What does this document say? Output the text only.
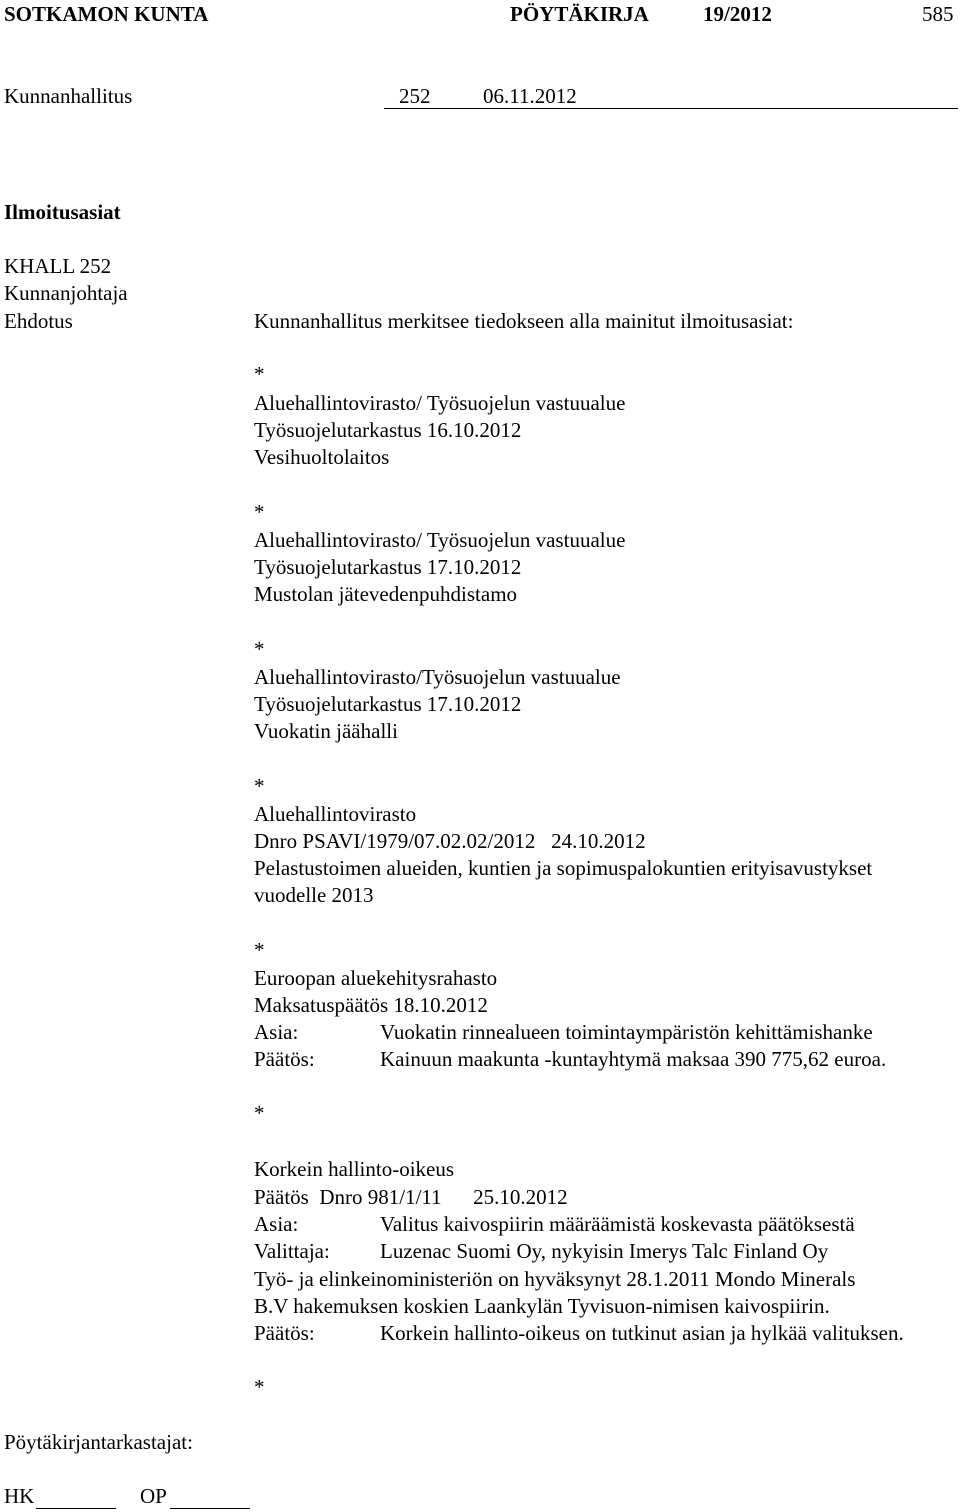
SOTKAMON KUNTA	PÖYTÄKIRJA	19/2012	585
Kunnanhallitus	252	06.11.2012
Ilmoitusasiat
KHALL 252
Kunnanjohtaja
Ehdotus	Kunnanhallitus merkitsee tiedokseen alla mainitut ilmoitusasiat:
*
Aluehallintovirasto/ Työsuojelun vastuualue
Työsuojelutarkastus 16.10.2012
Vesihuoltolaitos
*
Aluehallintovirasto/ Työsuojelun vastuualue
Työsuojelutarkastus 17.10.2012
Mustolan jätevedenpuhdistamo
*
Aluehallintovirasto/Työsuojelun vastuualue
Työsuojelutarkastus 17.10.2012
Vuokatin jäähalli
*
Aluehallintovirasto
Dnro PSAVI/1979/07.02.02/2012   24.10.2012
Pelastustoimen alueiden, kuntien ja sopimuspalokuntien erityisavustykset
vuodelle 2013
*
Euroopan aluekehitysrahasto
Maksatuspäätös 18.10.2012
Asia:	Vuokatin rinnealueen toimintaympäristön kehittämishanke
Päätös:	Kainuun maakunta -kuntayhtymä maksaa 390 775,62 euroa.
*
Korkein hallinto-oikeus
Päätös  Dnro 981/1/11      25.10.2012
Asia:	Valitus kaivospiirin määräämistä koskevasta päätöksestä
Valittaja: Luzenac Suomi Oy, nykyisin Imerys Talc Finland Oy
Työ- ja elinkeinoministeriön on hyväksynyt 28.1.2011 Mondo Minerals
B.V hakemuksen koskien Laankylän Tyvisuon-nimisen kaivospiirin.
Päätös:	Korkein hallinto-oikeus on tutkinut asian ja hylkää valituksen.
*
Pöytäkirjantarkastajat:
HK	OP
